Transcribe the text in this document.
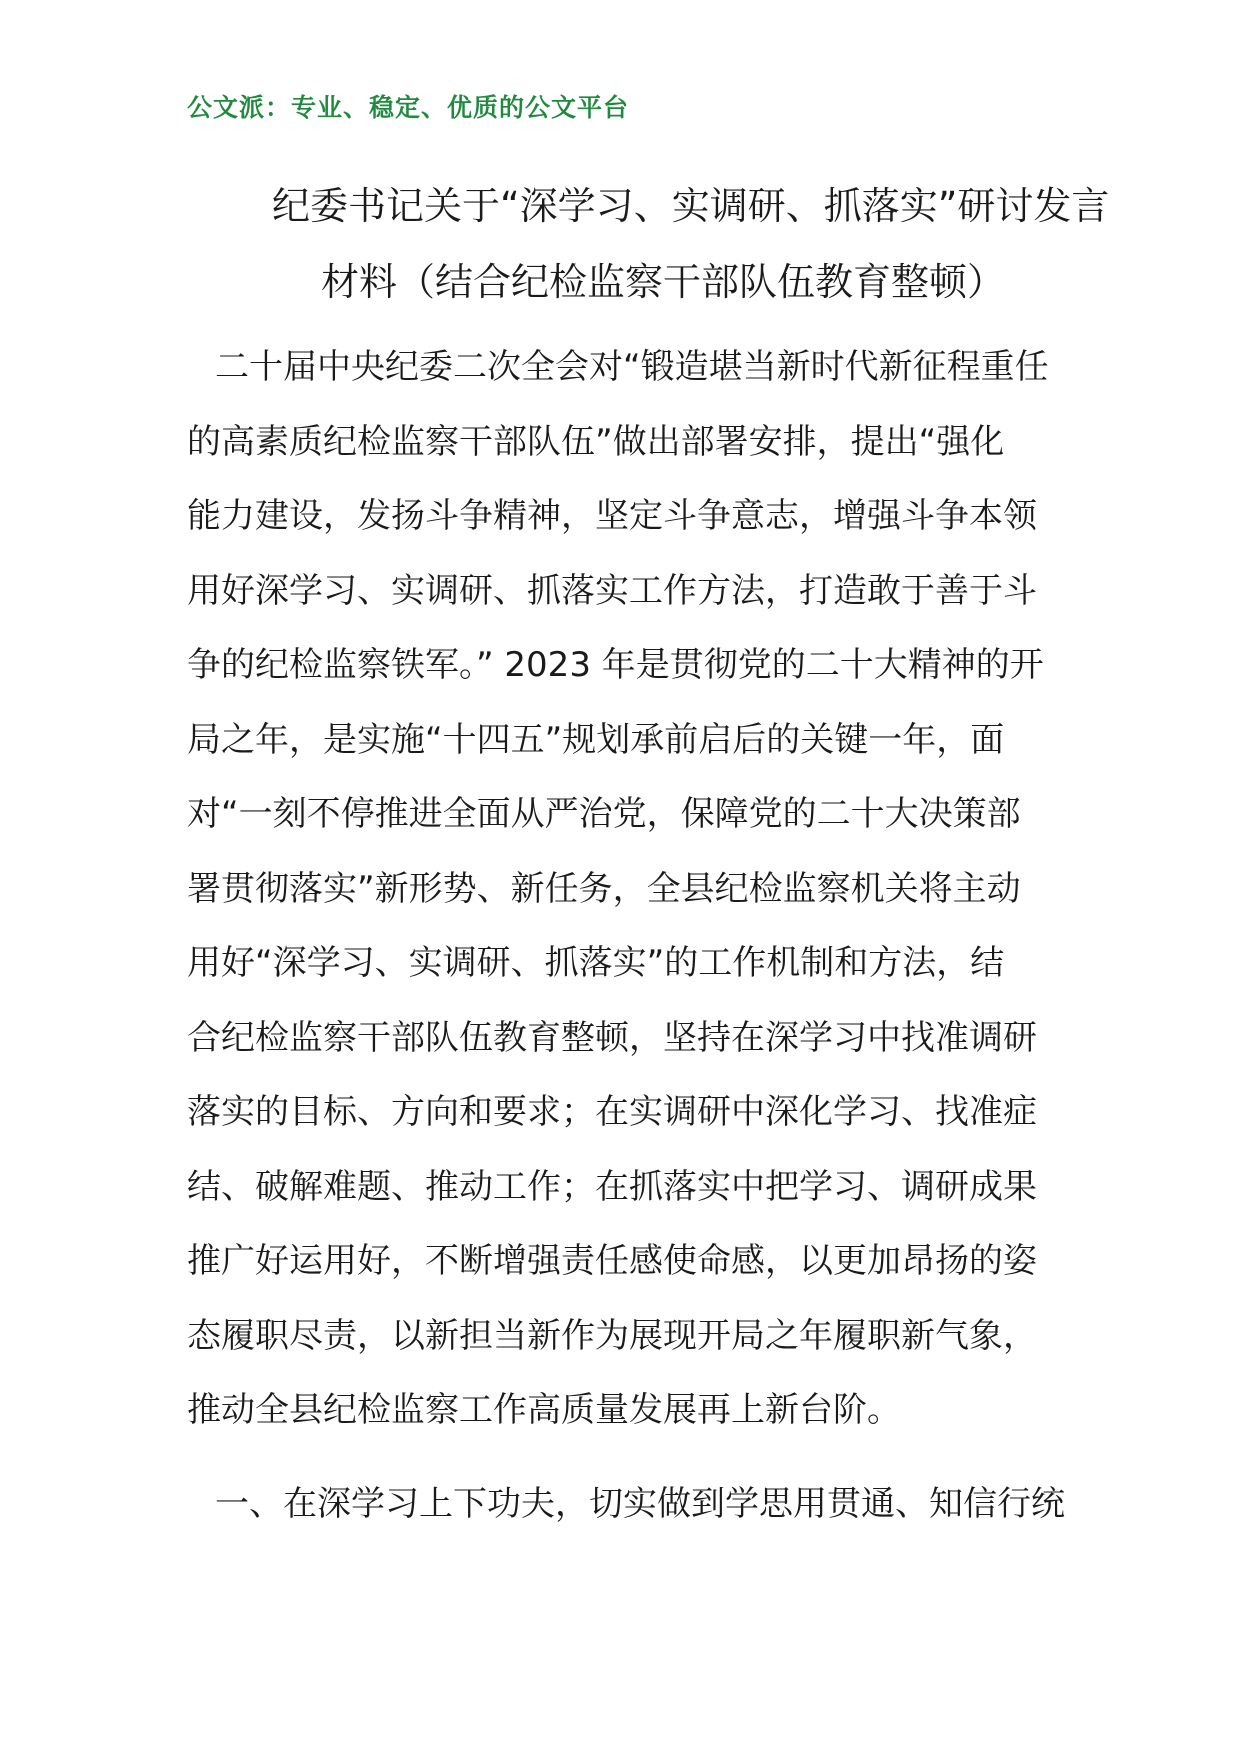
公文派：专业、稳定、优质的公文平台
纪委书记关于“深学习、实调研、抓落实”研讨发言
材料（结合纪检监察干部队伍教育整顿）
二十届中央纪委二次全会对“锻造堪当新时代新征程重任
的高素质纪检监察干部队伍”做出部署安排，提出“强化
能力建设，发扬斗争精神，坚定斗争意志，增强斗争本领
用好深学习、实调研、抓落实工作方法，打造敢于善于斗
争的纪检监察铁军。” 2023 年是贯彻党的二十大精神的开
局之年，是实施“十四五”规划承前启后的关键一年，面
对“一刻不停推进全面从严治党，保障党的二十大决策部
署贯彻落实”新形势、新任务，全县纪检监察机关将主动
用好“深学习、实调研、抓落实”的工作机制和方法，结
合纪检监察干部队伍教育整顿，坚持在深学习中找准调研
落实的目标、方向和要求；在实调研中深化学习、找准症
结、破解难题、推动工作；在抓落实中把学习、调研成果
推广好运用好，不断增强责任感使命感，以更加昂扬的姿
态履职尽责，以新担当新作为展现开局之年履职新气象，
推动全县纪检监察工作高质量发展再上新台阶。
一、在深学习上下功夫，切实做到学思用贯通、知信行统
